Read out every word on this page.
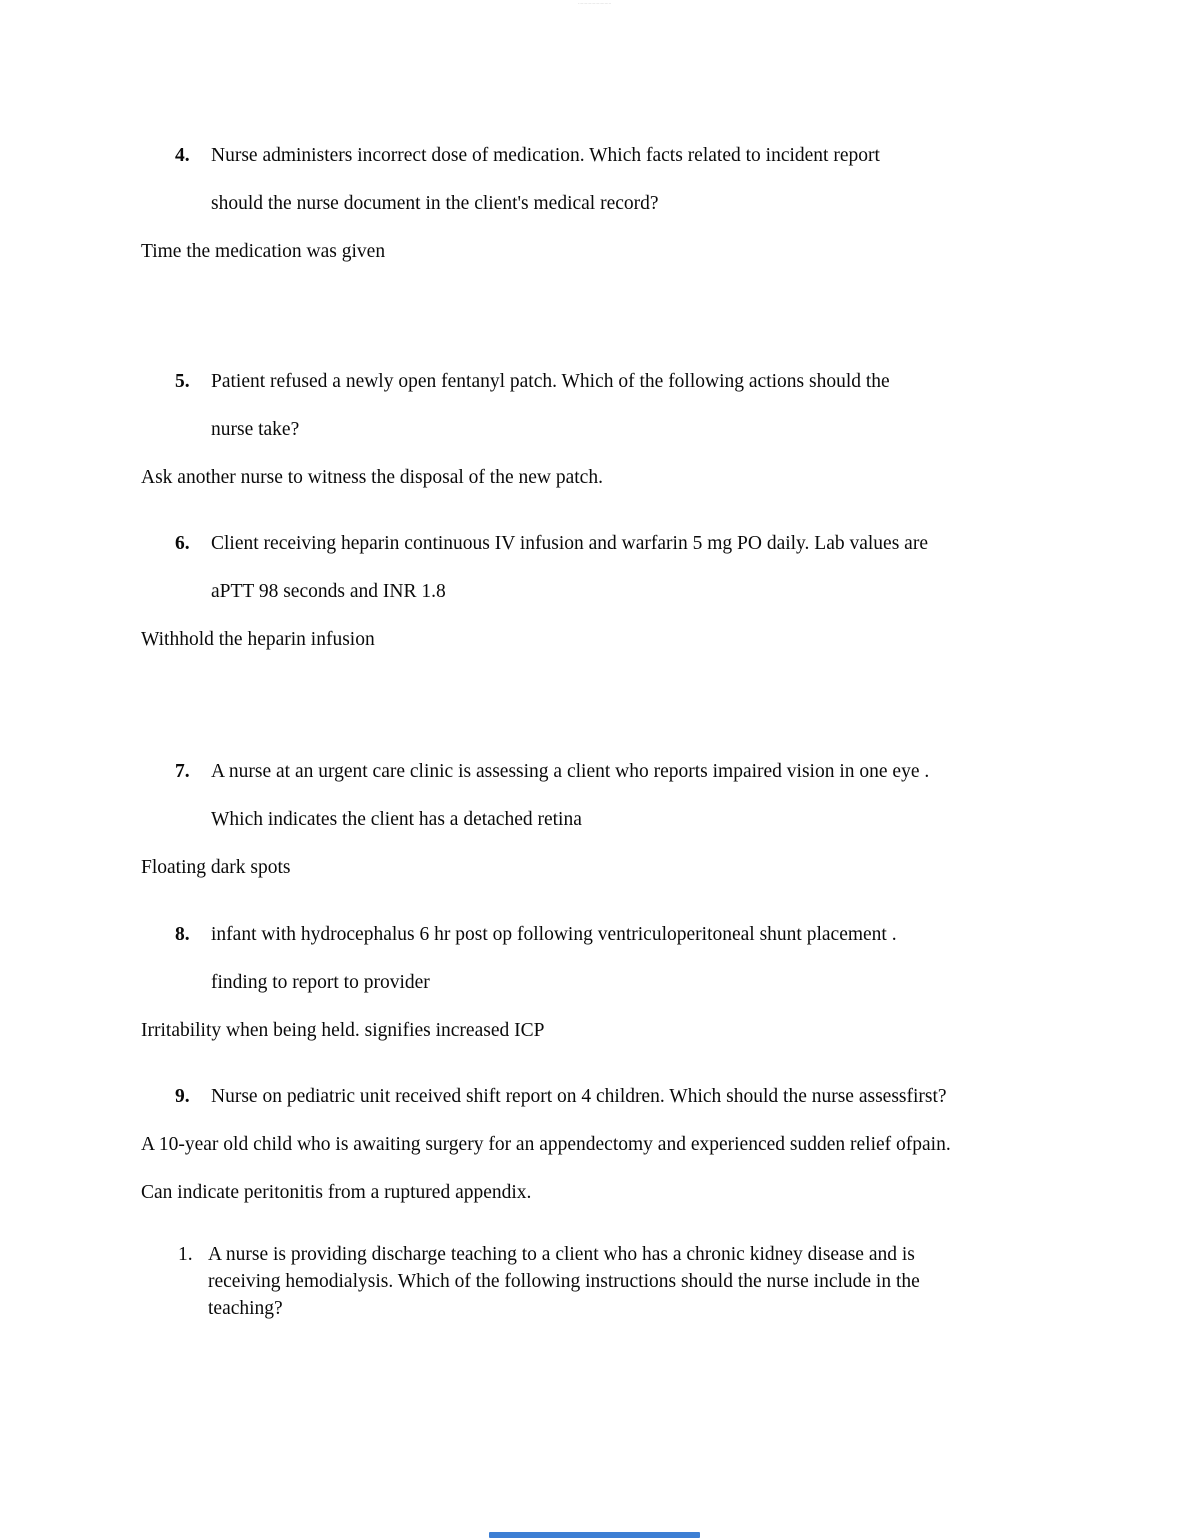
·························
4.	Nurse administers incorrect dose of medication. Which facts related to incident report
should the nurse document in the client's medical record?

Time the medication was given

5.	Patient refused a newly open fentanyl patch. Which of the following actions should the
nurse take?

Ask another nurse to witness the disposal of the new patch.

6.	Client receiving heparin continuous IV infusion and warfarin 5 mg PO daily. Lab values are
aPTT 98 seconds and INR 1.8

Withhold the heparin infusion

7.	A nurse at an urgent care clinic is assessing a client who reports impaired vision in one eye .
Which indicates the client has a detached retina

Floating dark spots

8.	infant with hydrocephalus 6 hr post op following ventriculoperitoneal shunt placement .
finding to report to provider

Irritability when being held. signifies increased ICP

9.	Nurse on pediatric unit received shift report on 4 children. Which should the nurse assessfirst?

A 10-year old child who is awaiting surgery for an appendectomy and experienced sudden relief ofpain.

Can indicate peritonitis from a ruptured appendix.

1. A nurse is providing discharge teaching to a client who has a chronic kidney disease and is
receiving hemodialysis. Which of the following instructions should the nurse include in the
teaching?
